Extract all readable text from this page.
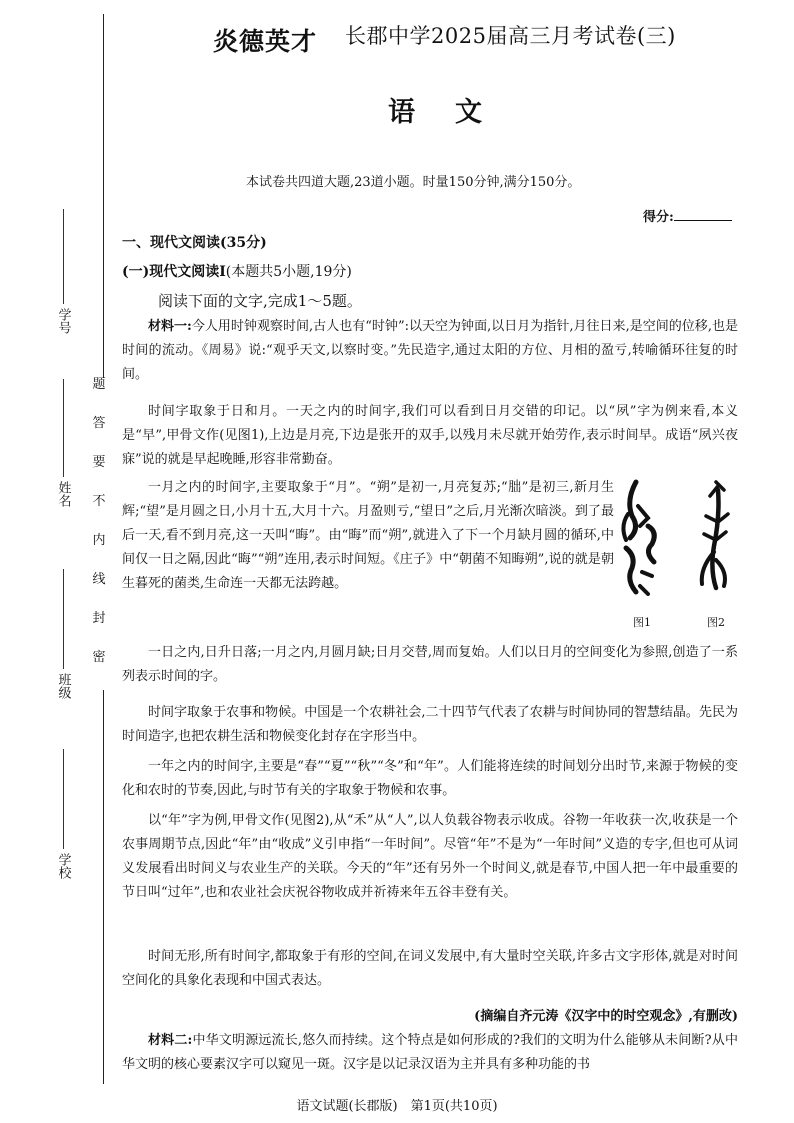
学号
姓名
班级
学校
题
答
要
不
内
线
封
密
炎德英才 长郡中学2025届高三月考试卷(三)
语文
本试卷共四道大题,23道小题。时量150分钟,满分150分。
得分:
一、现代文阅读(35分)
(一)现代文阅读Ⅰ(本题共5小题,19分)
阅读下面的文字,完成1～5题。

材料一:今人用时钟观察时间,古人也有“时钟”:以天空为钟面,以日月为指针,月往日来,是空间的位移,也是时间的流动。《周易》说:“观乎天文,以察时变。”先民造字,通过太阳的方位、月相的盈亏,转喻循环往复的时间。

时间字取象于日和月。一天之内的时间字,我们可以看到日月交错的印记。以“夙”字为例来看,本义是“早”,甲骨文作(见图1),上边是月亮,下边是张开的双手,以残月未尽就开始劳作,表示时间早。成语“夙兴夜寐”说的就是早起晚睡,形容非常勤奋。

一月之内的时间字,主要取象于“月”。“朔”是初一,月亮复苏;“朏”是初三,新月生辉;“望”是月圆之日,小月十五,大月十六。月盈则亏,“望日”之后,月光渐次暗淡。到了最后一天,看不到月亮,这一天叫“晦”。由“晦”而“朔”,就进入了下一个月缺月圆的循环,中间仅一日之隔,因此“晦”“朔”连用,表示时间短。《庄子》中“朝菌不知晦朔”,说的就是朝生暮死的菌类,生命连一天都无法跨越。

一日之内,日升日落;一月之内,月圆月缺;日月交替,周而复始。人们以日月的空间变化为参照,创造了一系列表示时间的字。

时间字取象于农事和物候。中国是一个农耕社会,二十四节气代表了农耕与时间协同的智慧结晶。先民为时间造字,也把农耕生活和物候变化封存在字形当中。

一年之内的时间字,主要是“春”“夏”“秋”“冬”和“年”。人们能将连续的时间划分出时节,来源于物候的变化和农时的节奏,因此,与时节有关的字取象于物候和农事。

以“年”字为例,甲骨文作(见图2),从“禾”从“人”,以人负载谷物表示收成。谷物一年收获一次,收获是一个农事周期节点,因此“年”由“收成”义引申指“一年时间”。尽管“年”不是为“一年时间”义造的专字,但也可从词义发展看出时间义与农业生产的关联。今天的“年”还有另外一个时间义,就是春节,中国人把一年中最重要的节日叫“过年”,也和农业社会庆祝谷物收成并祈祷来年五谷丰登有关。

时间无形,所有时间字,都取象于有形的空间,在词义发展中,有大量时空关联,许多古文字形体,就是对时间空间化的具象化表现和中国式表达。

(摘编自齐元涛《汉字中的时空观念》,有删改)
图1	图2

材料二:中华文明源远流长,悠久而持续。这个特点是如何形成的?我们的文明为什么能够从未间断?从中华文明的核心要素汉字可以窥见一斑。汉字是以记录汉语为主并具有多种功能的书

语文试题(长郡版)　第1页(共10页)
